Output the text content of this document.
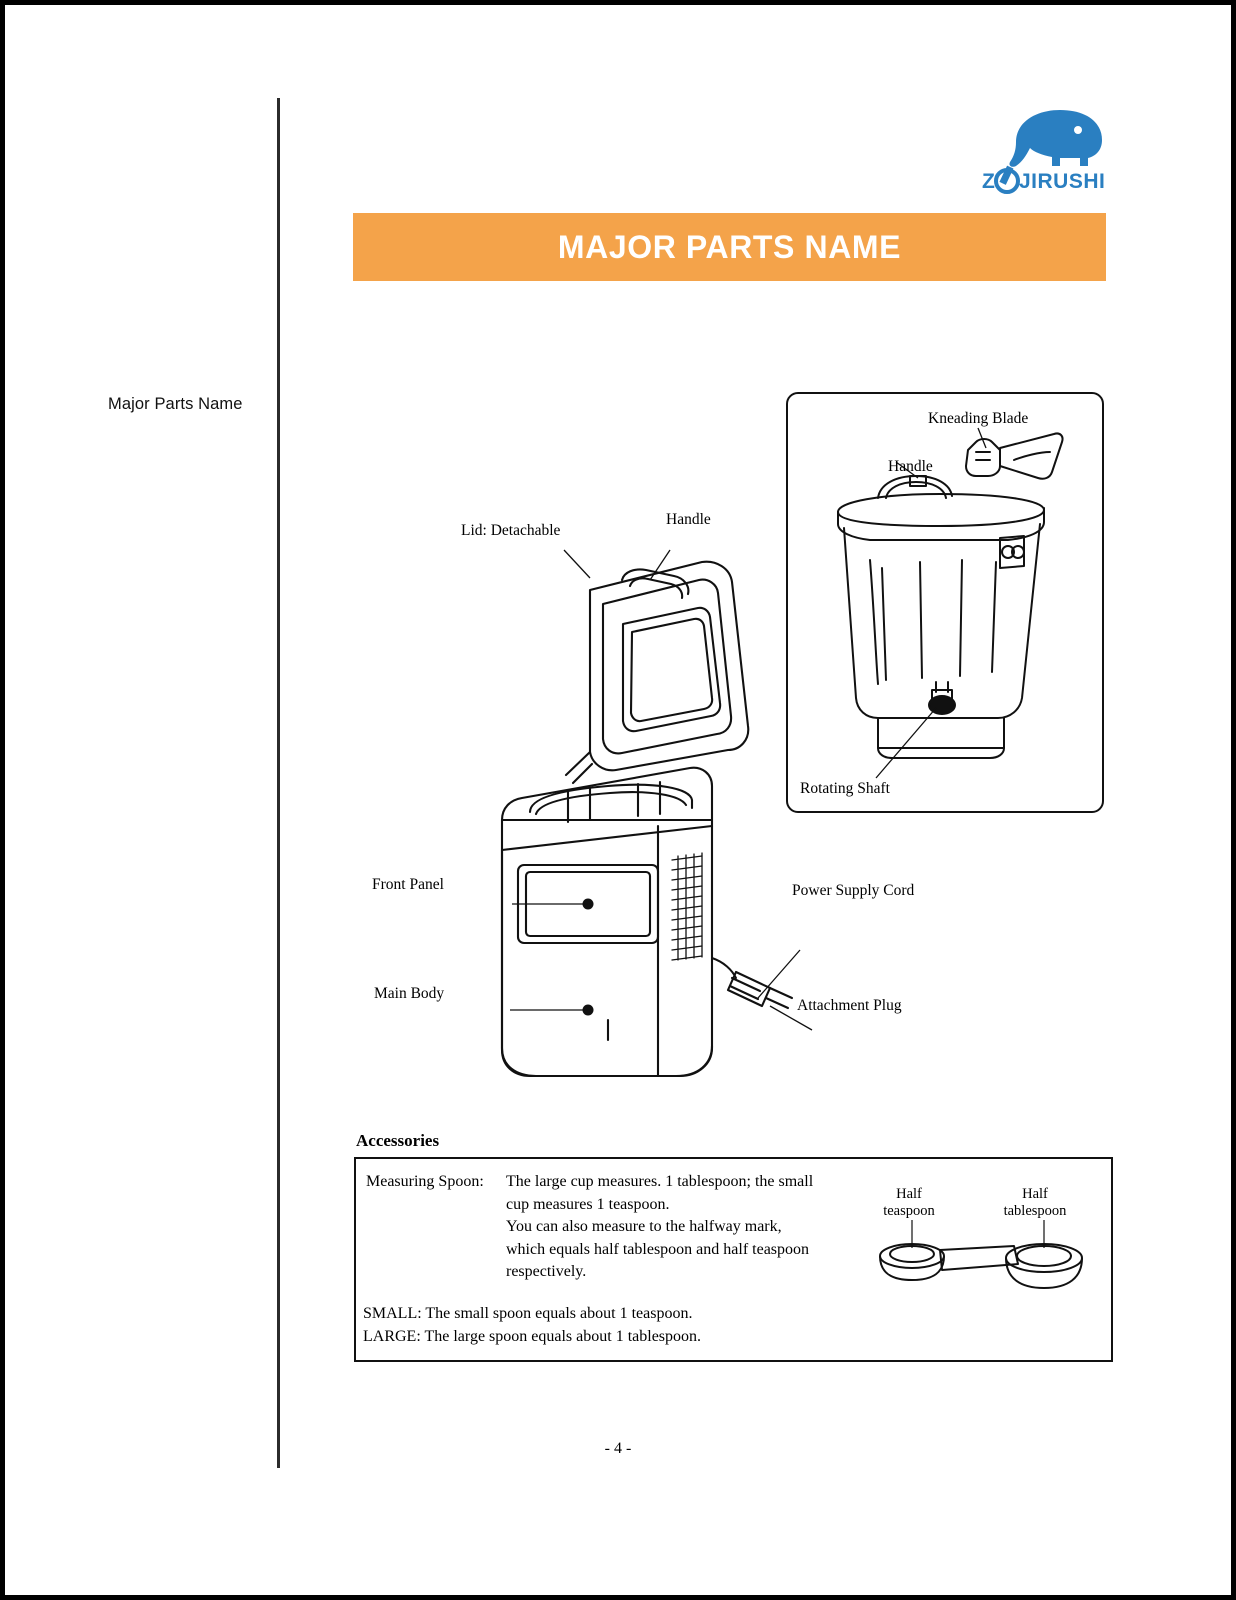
Major Parts Name
Z JIRUSHI
MAJOR PARTS NAME
Lid: Detachable
Handle
Front Panel
Main Body
Power Supply Cord
Attachment Plug
Kneading Blade
Handle
Rotating Shaft
Accessories
Measuring Spoon: The large cup measures. 1 tablespoon; the small
cup measures 1 teaspoon.
You can also measure to the halfway mark,
which equals half tablespoon and half teaspoon
respectively.
SMALL: The small spoon equals about 1 teaspoon.
LARGE: The large spoon equals about 1 tablespoon.
Half
teaspoon
Half
tablespoon
- 4 -
